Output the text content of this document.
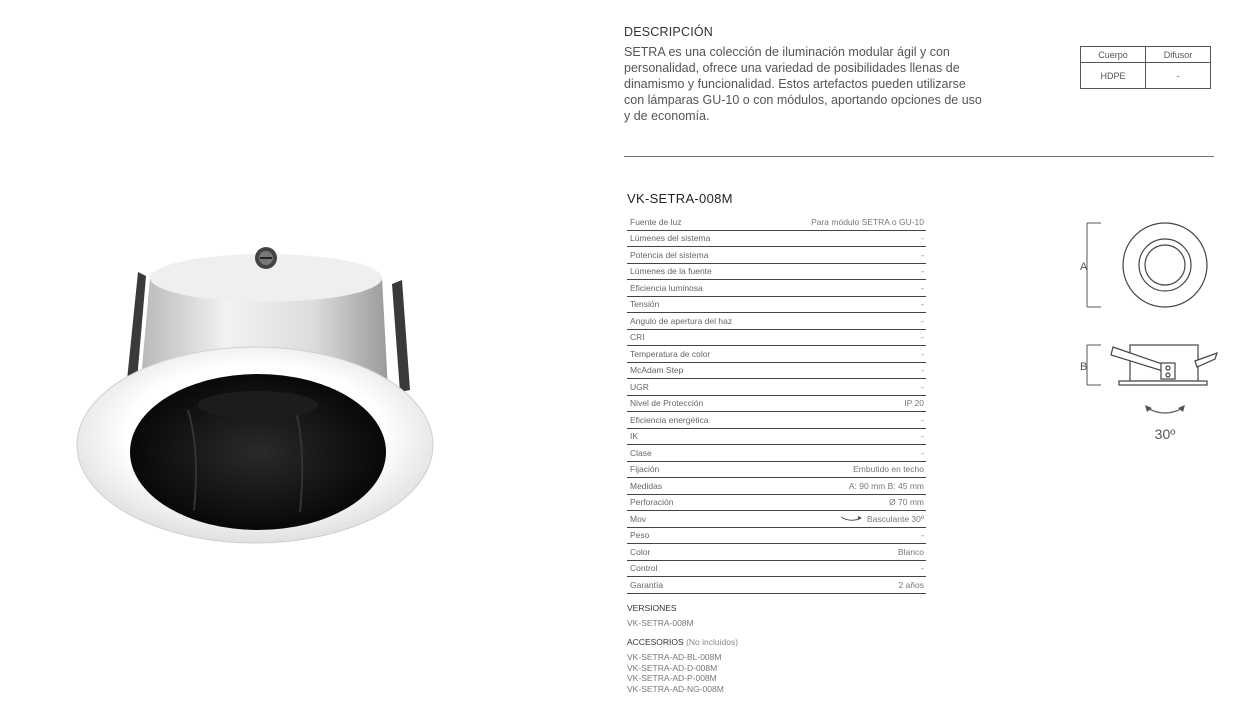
DESCRIPCIÓN
SETRA es una colección de iluminación modular ágil y con personalidad, ofrece una variedad de posibilidades llenas de dinamismo y funcionalidad. Estos artefactos pueden utilizarse con lámparas GU-10 o con módulos, aportando opciones de uso y de economía.
Cuerpo	Difusor
HDPE	-
VK-SETRA-008M
Fuente de luz	Para módulo SETRA o GU-10
Lúmenes del sistema	-
Potencia del sistema	-
Lúmenes de la fuente	-
Eficiencia luminosa	-
Tensión	-
Angulo de apertura del haz	-
CRI	-
Temperatura de color	-
McAdam Step	-
UGR	-
Nivel de Protección	IP 20
Eficiencia energética	-
IK	-
Clase	-
Fijación	Embutido en techo
Medidas	A: 90 mm B: 45 mm
Perforación	Ø 70 mm
Mov	Basculante 30º
Peso	-
Color	Blanco
Control	-
Garantía	2 años
VERSIONES
VK-SETRA-008M
ACCESORIOS (No incluidos)
VK-SETRA-AD-BL-008M
VK-SETRA-AD-D-008M
VK-SETRA-AD-P-008M
VK-SETRA-AD-NG-008M
A
B
30º
